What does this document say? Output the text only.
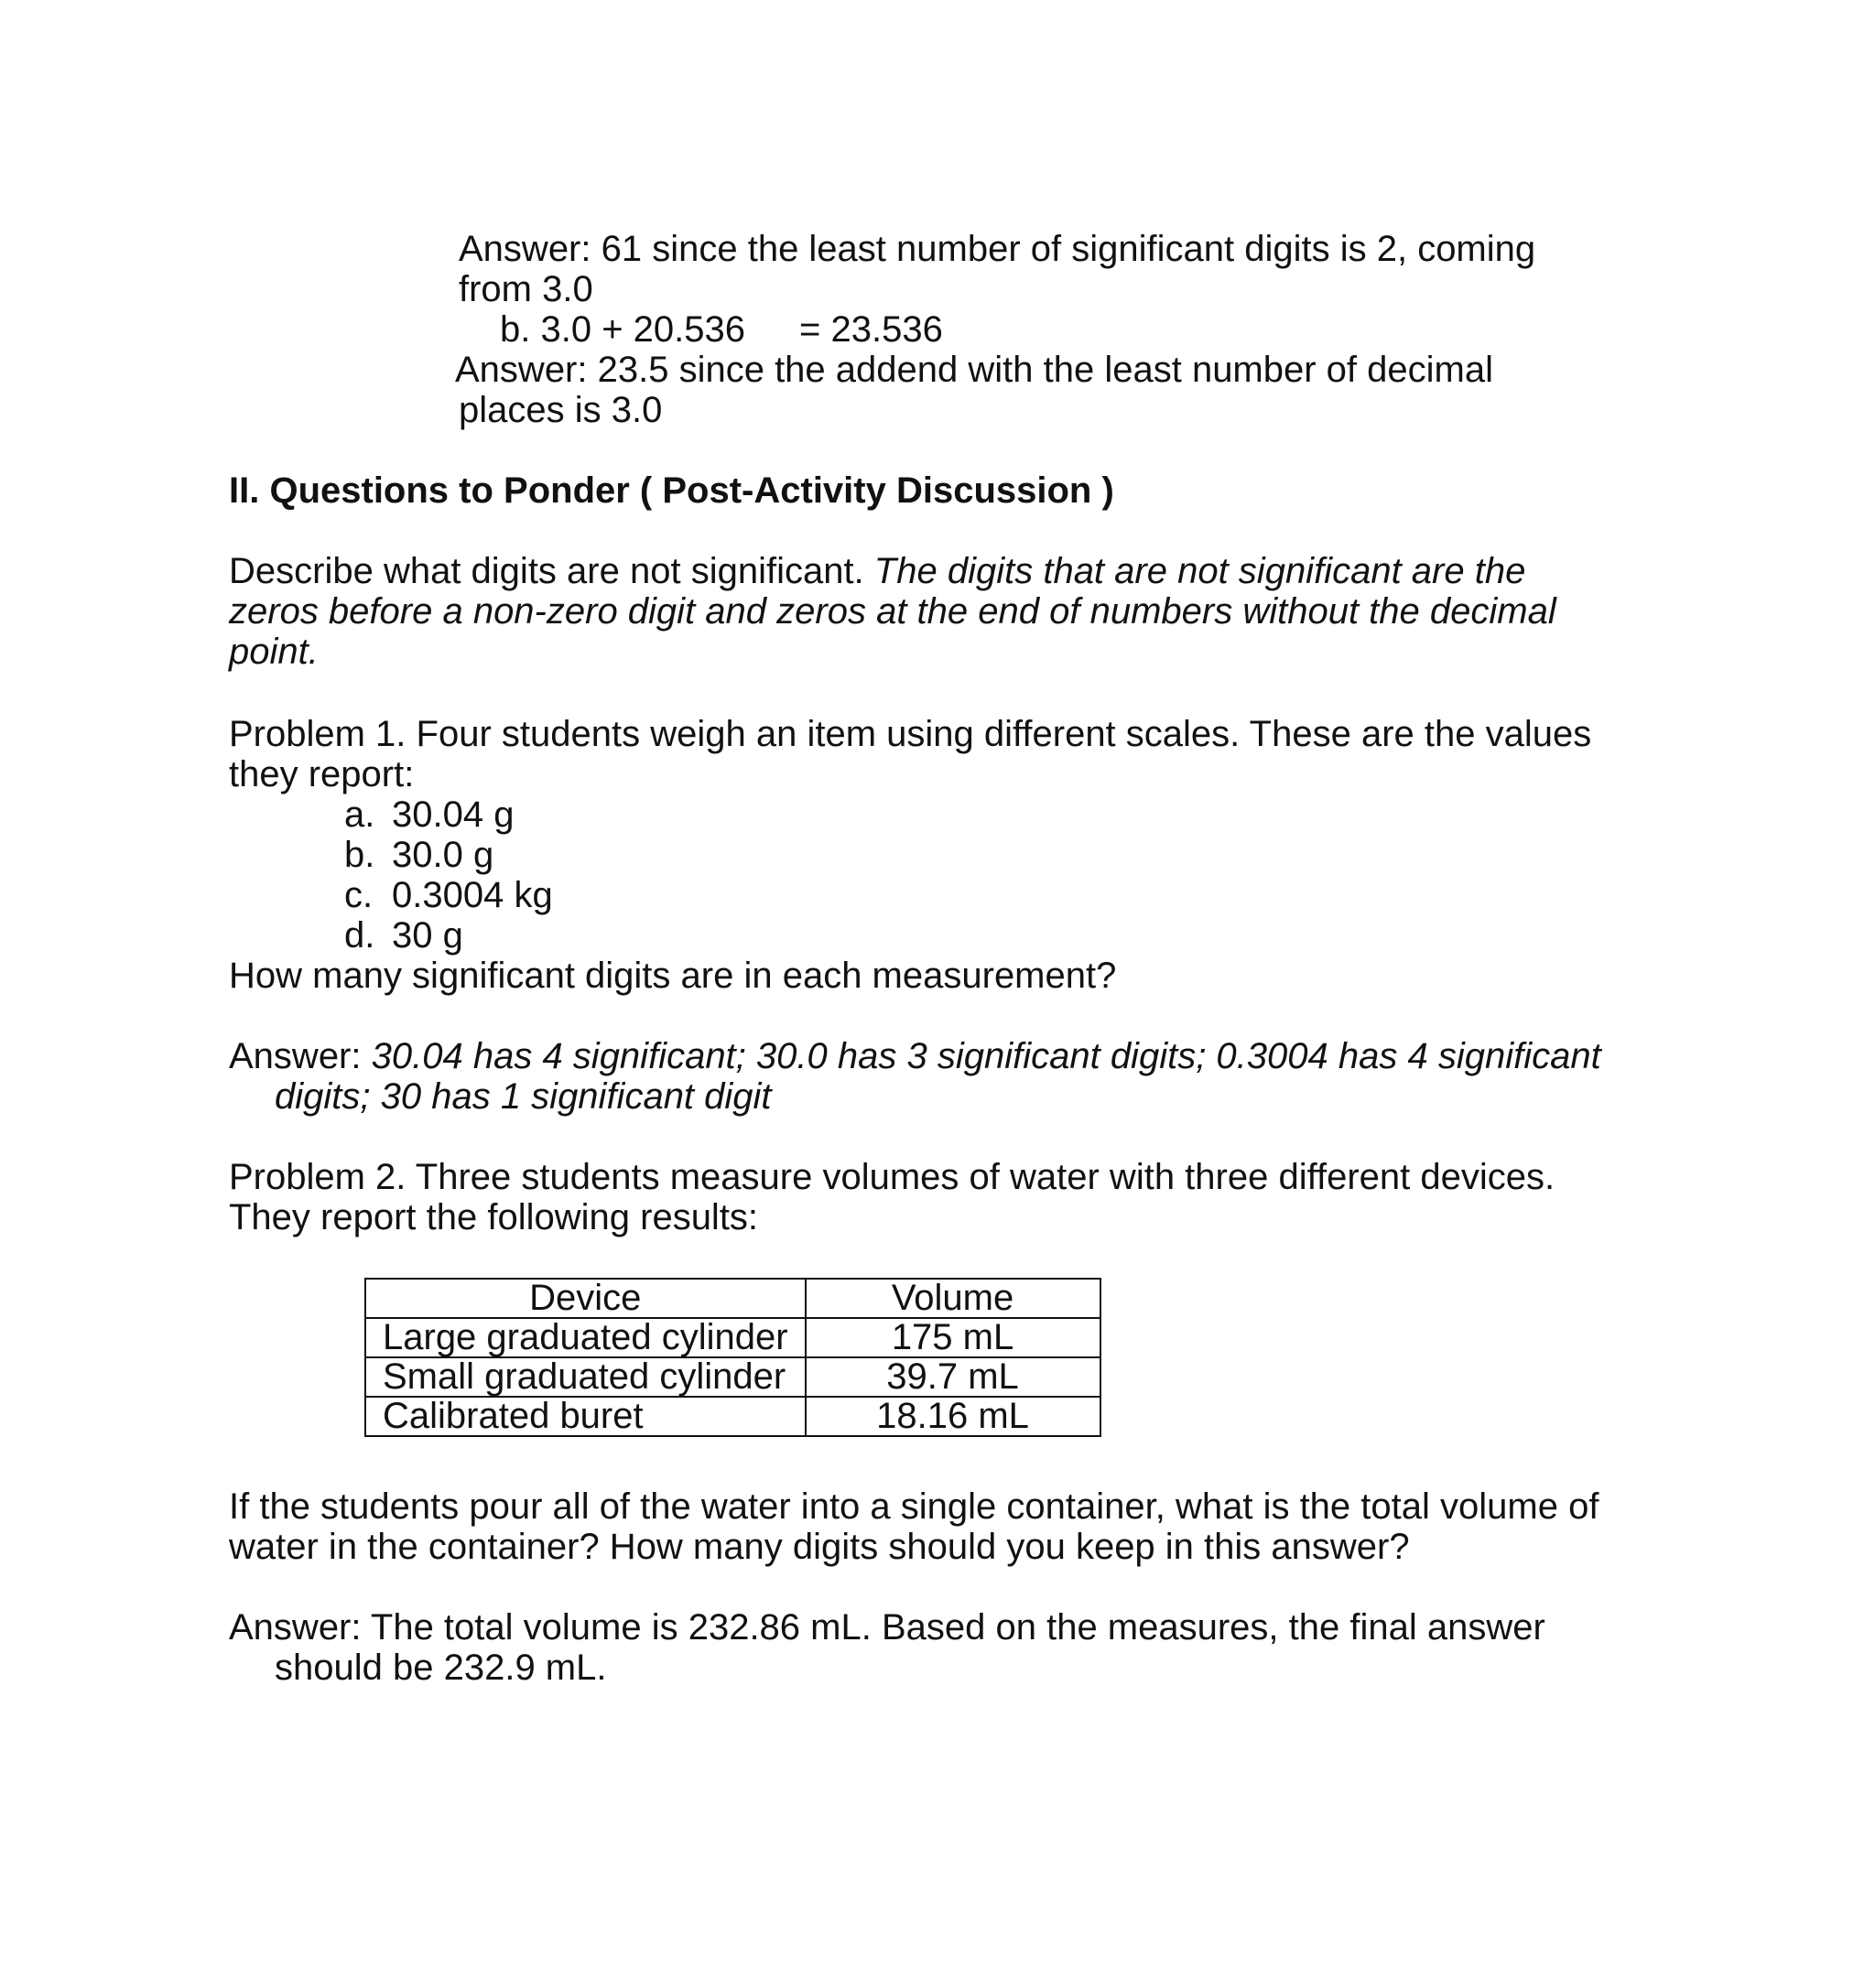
Answer: 61 since the least number of significant digits is 2, coming
from 3.0
b. 3.0 + 20.536 = 23.536
Answer: 23.5 since the addend with the least number of decimal
places is 3.0
II. Questions to Ponder ( Post-Activity Discussion )
Describe what digits are not significant. The digits that are not significant are the
zeros before a non-zero digit and zeros at the end of numbers without the decimal
point.
Problem 1. Four students weigh an item using different scales. These are the values
they report:
a. 30.04 g
b. 30.0 g
c. 0.3004 kg
d. 30 g
How many significant digits are in each measurement?
Answer: 30.04 has 4 significant; 30.0 has 3 significant digits; 0.3004 has 4 significant
digits; 30 has 1 significant digit
Problem 2. Three students measure volumes of water with three different devices.
They report the following results:
Device	Volume
Large graduated cylinder	175 mL
Small graduated cylinder	39.7 mL
Calibrated buret	18.16 mL
If the students pour all of the water into a single container, what is the total volume of
water in the container? How many digits should you keep in this answer?
Answer: The total volume is 232.86 mL. Based on the measures, the final answer
should be 232.9 mL.
